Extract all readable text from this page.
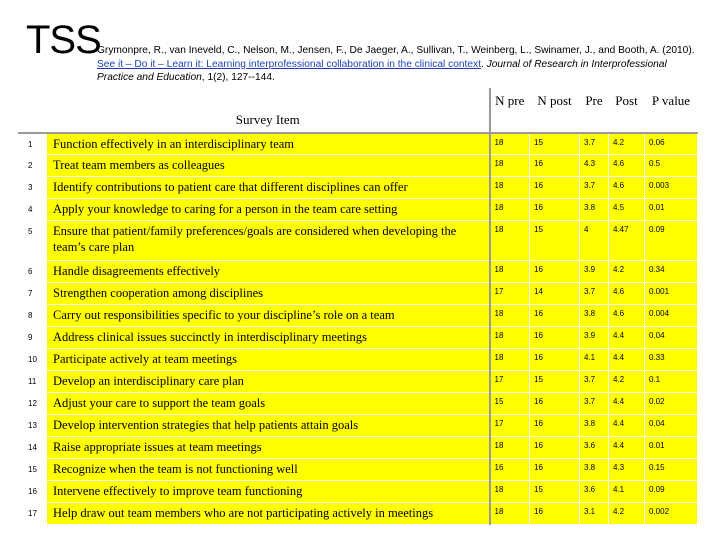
TSS
Grymonpre, R., van Ineveld, C., Nelson, M., Jensen, F., De Jaeger, A., Sullivan, T., Weinberg, L., Swinamer, J., and Booth, A. (2010). See it – Do it – Learn it: Learning interprofessional collaboration in the clinical context. Journal of Research in Interprofessional Practice and Education, 1(2), 127--144.
	Survey Item	N pre	N post	Pre	Post	P value
1	Function effectively in an interdisciplinary team	18	15	3.7	4.2	0.06
2	Treat team members as colleagues	18	16	4.3	4.6	0.5
3	Identify contributions to patient care that different disciplines can offer	18	16	3.7	4.6	0.003
4	Apply your knowledge to caring for a person in the team care setting	18	16	3.8	4.5	0.01
5	Ensure that patient/family preferences/goals are considered when developing the team’s care plan	18	15	4	4.47	0.09
6	Handle disagreements effectively	18	16	3.9	4.2	0.34
7	Strengthen cooperation among disciplines	17	14	3.7	4.6	0.001
8	Carry out responsibilities specific to your discipline’s role on a team	18	16	3.8	4.6	0.004
9	Address clinical issues succinctly in interdisciplinary meetings	18	16	3.9	4.4	0.04
10	Participate actively at team meetings	18	16	4.1	4.4	0.33
11	Develop an interdisciplinary care plan	17	15	3.7	4.2	0.1
12	Adjust your care to support the team goals	15	16	3.7	4.4	0.02
13	Develop intervention strategies that help patients attain goals	17	16	3.8	4.4	0.04
14	Raise appropriate issues at team meetings	18	16	3.6	4.4	0.01
15	Recognize when the team is not functioning well	16	16	3.8	4.3	0.15
16	Intervene effectively to improve team functioning	18	15	3.6	4.1	0.09
17	Help draw out team members who are not participating actively in meetings	18	16	3.1	4.2	0.002
